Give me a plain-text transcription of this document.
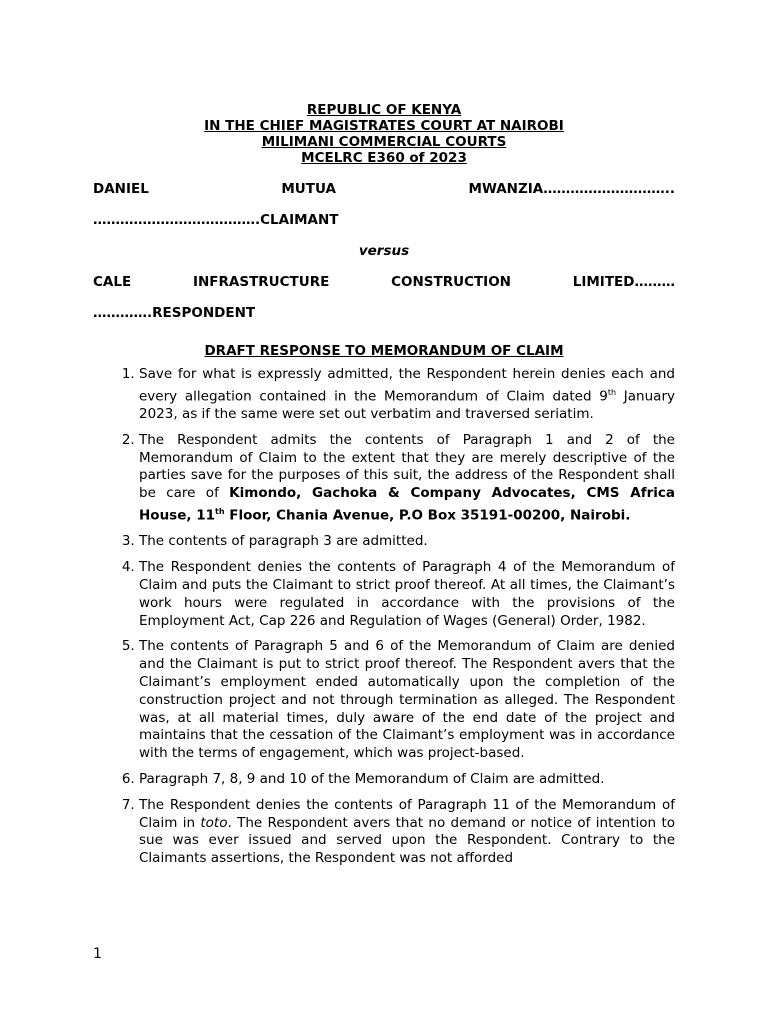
REPUBLIC OF KENYA
IN THE CHIEF MAGISTRATES COURT AT NAIROBI
MILIMANI COMMERCIAL COURTS
MCELRC E360 of 2023
DANIEL	MUTUA	MWANZIA………………………..
……………………………….CLAIMANT
versus
CALE	INFRASTRUCTURE	CONSTRUCTION	LIMITED………
………….RESPONDENT
DRAFT RESPONSE TO MEMORANDUM OF CLAIM
1. Save for what is expressly admitted, the Respondent herein denies each and every allegation contained in the Memorandum of Claim dated 9th January 2023, as if the same were set out verbatim and traversed seriatim.
2. The Respondent admits the contents of Paragraph 1 and 2 of the Memorandum of Claim to the extent that they are merely descriptive of the parties save for the purposes of this suit, the address of the Respondent shall be care of Kimondo, Gachoka & Company Advocates, CMS Africa House, 11th Floor, Chania Avenue, P.O Box 35191-00200, Nairobi.
3. The contents of paragraph 3 are admitted.
4. The Respondent denies the contents of Paragraph 4 of the Memorandum of Claim and puts the Claimant to strict proof thereof. At all times, the Claimant’s work hours were regulated in accordance with the provisions of the Employment Act, Cap 226 and Regulation of Wages (General) Order, 1982.
5. The contents of Paragraph 5 and 6 of the Memorandum of Claim are denied and the Claimant is put to strict proof thereof. The Respondent avers that the Claimant’s employment ended automatically upon the completion of the construction project and not through termination as alleged. The Respondent was, at all material times, duly aware of the end date of the project and maintains that the cessation of the Claimant’s employment was in accordance with the terms of engagement, which was project-based.
6. Paragraph 7, 8, 9 and 10 of the Memorandum of Claim are admitted.
7. The Respondent denies the contents of Paragraph 11 of the Memorandum of Claim in toto. The Respondent avers that no demand or notice of intention to sue was ever issued and served upon the Respondent. Contrary to the Claimants assertions, the Respondent was not afforded
1
